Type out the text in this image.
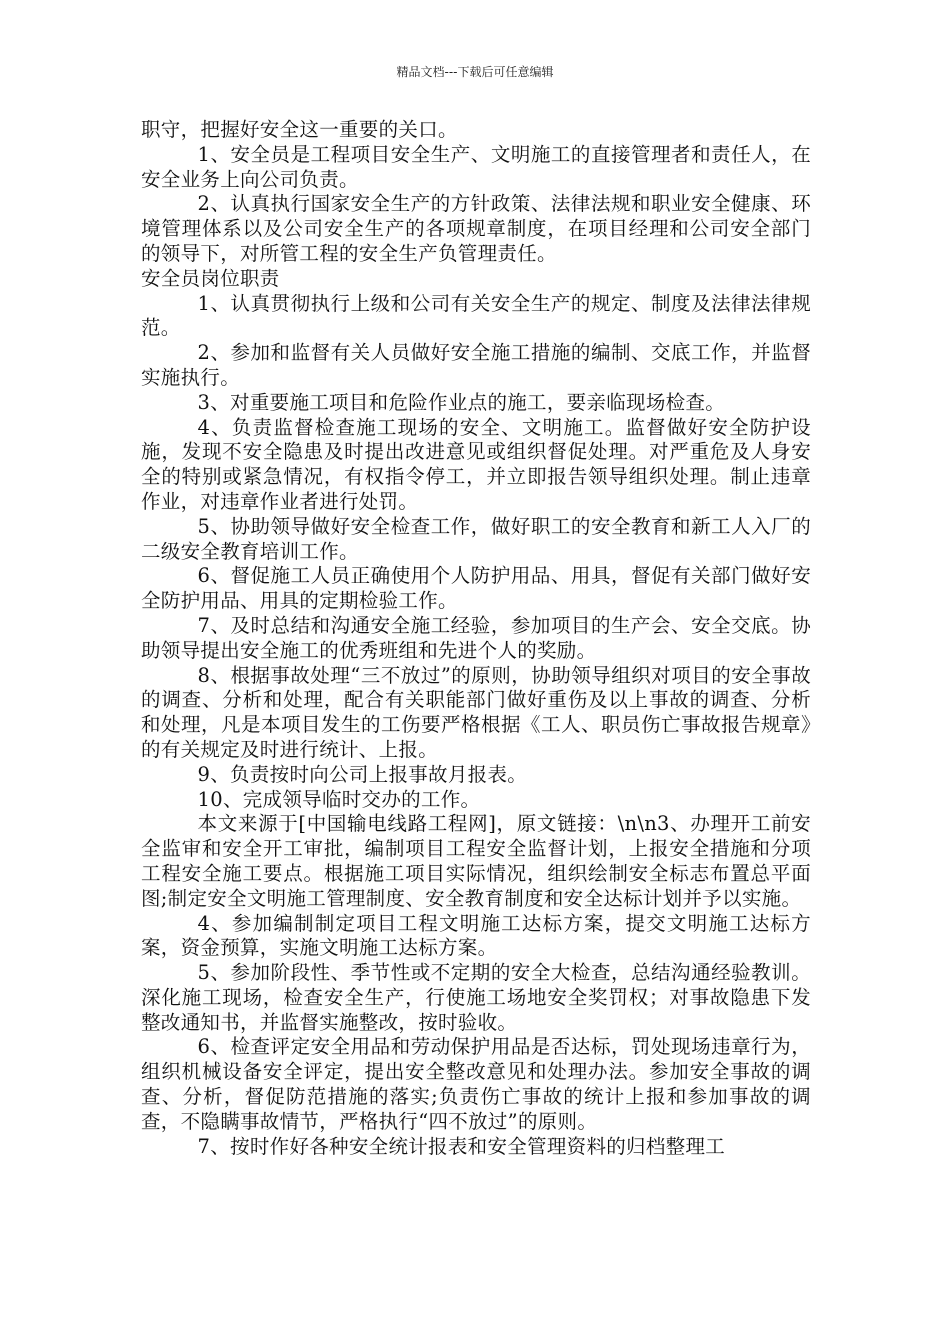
精品文档---下载后可任意编辑

职守，把握好安全这一重要的关口。

1、安全员是工程项目安全生产、文明施工的直接管理者和责任人，在安全业务上向公司负责。

2、认真执行国家安全生产的方针政策、法律法规和职业安全健康、环境管理体系以及公司安全生产的各项规章制度，在项目经理和公司安全部门的领导下，对所管工程的安全生产负管理责任。

安全员岗位职责

1、认真贯彻执行上级和公司有关安全生产的规定、制度及法律法律规范。

2、参加和监督有关人员做好安全施工措施的编制、交底工作，并监督实施执行。

3、对重要施工项目和危险作业点的施工，要亲临现场检查。

4、负责监督检查施工现场的安全、文明施工。监督做好安全防护设施，发现不安全隐患及时提出改进意见或组织督促处理。对严重危及人身安全的特别或紧急情况，有权指令停工，并立即报告领导组织处理。制止违章作业，对违章作业者进行处罚。

5、协助领导做好安全检查工作，做好职工的安全教育和新工人入厂的二级安全教育培训工作。

6、督促施工人员正确使用个人防护用品、用具，督促有关部门做好安全防护用品、用具的定期检验工作。

7、及时总结和沟通安全施工经验，参加项目的生产会、安全交底。协助领导提出安全施工的优秀班组和先进个人的奖励。

8、根据事故处理“三不放过”的原则，协助领导组织对项目的安全事故的调查、分析和处理，配合有关职能部门做好重伤及以上事故的调查、分析和处理，凡是本项目发生的工伤要严格根据《工人、职员伤亡事故报告规章》的有关规定及时进行统计、上报。

9、负责按时向公司上报事故月报表。

10、完成领导临时交办的工作。

本文来源于[中国输电线路工程网]，原文链接：\n\n3、办理开工前安全监审和安全开工审批，编制项目工程安全监督计划，上报安全措施和分项工程安全施工要点。根据施工项目实际情况，组织绘制安全标志布置总平面图;制定安全文明施工管理制度、安全教育制度和安全达标计划并予以实施。

4、参加编制制定项目工程文明施工达标方案，提交文明施工达标方案，资金预算，实施文明施工达标方案。

5、参加阶段性、季节性或不定期的安全大检查，总结沟通经验教训。深化施工现场，检查安全生产，行使施工场地安全奖罚权；对事故隐患下发整改通知书，并监督实施整改，按时验收。

6、检查评定安全用品和劳动保护用品是否达标，罚处现场违章行为，组织机械设备安全评定，提出安全整改意见和处理办法。参加安全事故的调查、分析，督促防范措施的落实;负责伤亡事故的统计上报和参加事故的调查，不隐瞒事故情节，严格执行“四不放过”的原则。

7、按时作好各种安全统计报表和安全管理资料的归档整理工
